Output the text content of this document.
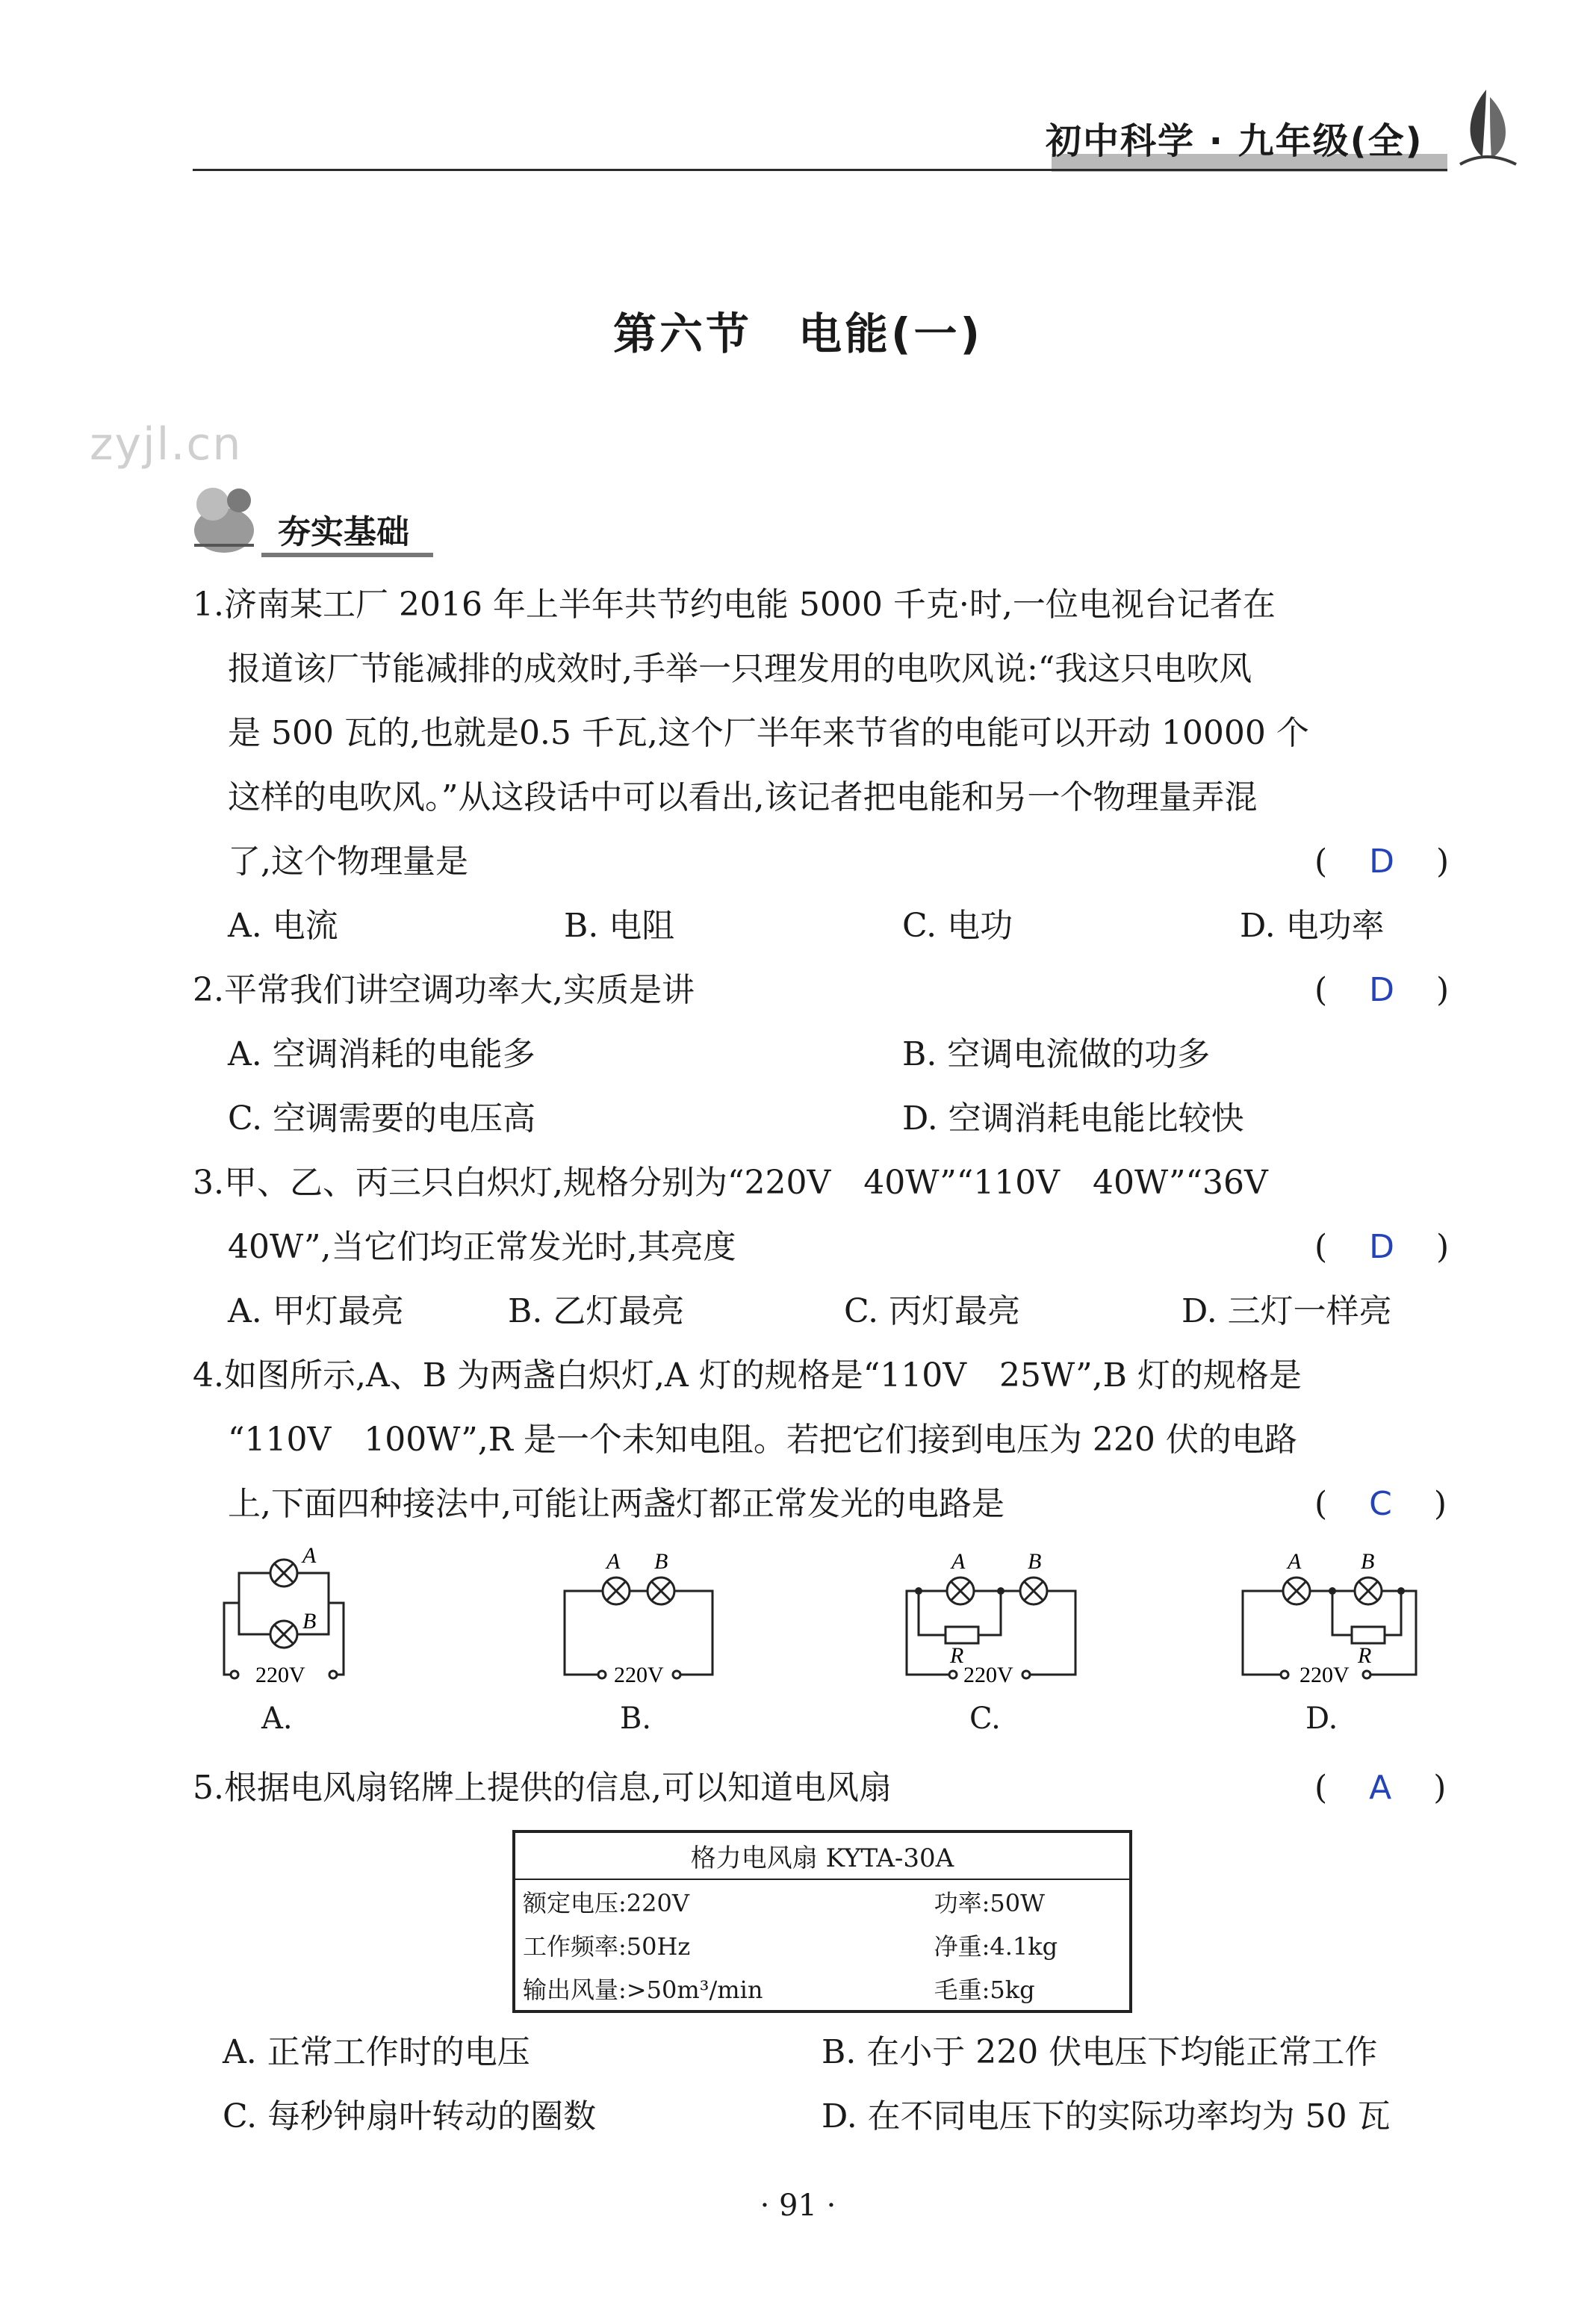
初中科学 · 九年级(全)
第六节　电能(一)
zyjl.cn
夯实基础
1.济南某工厂 2016 年上半年共节约电能 5000 千克·时,一位电视台记者在
报道该厂节能减排的成效时,手举一只理发用的电吹风说:“我这只电吹风
是 500 瓦的,也就是0.5 千瓦,这个厂半年来节省的电能可以开动 10000 个
这样的电吹风。”从这段话中可以看出,该记者把电能和另一个物理量弄混
了,这个物理量是	( D )
A. 电流	B. 电阻	C. 电功	D. 电功率
2.平常我们讲空调功率大,实质是讲	( D )
A. 空调消耗的电能多	B. 空调电流做的功多
C. 空调需要的电压高	D. 空调消耗电能比较快
3.甲、乙、丙三只白炽灯,规格分别为“220V　40W”“110V　40W”“36V
40W”,当它们均正常发光时,其亮度	( D )
A. 甲灯最亮	B. 乙灯最亮	C. 丙灯最亮	D. 三灯一样亮
4.如图所示,A、B 为两盏白炽灯,A 灯的规格是“110V　25W”,B 灯的规格是
“110V　100W”,R 是一个未知电阻。若把它们接到电压为 220 伏的电路
上,下面四种接法中,可能让两盏灯都正常发光的电路是	( C )
A
B
220V
A.
A B
220V
B.
A	B
R
220V
C.
A	B
R
220V
D.
5.根据电风扇铭牌上提供的信息,可以知道电风扇	( A )
格力电风扇 KYTA-30A	
额定电压:220V	功率:50W
工作频率:50Hz	净重:4.1kg
输出风量:>50m³/min	毛重:5kg
A. 正常工作时的电压	B. 在小于 220 伏电压下均能正常工作
C. 每秒钟扇叶转动的圈数	D. 在不同电压下的实际功率均为 50 瓦
· 91 ·
